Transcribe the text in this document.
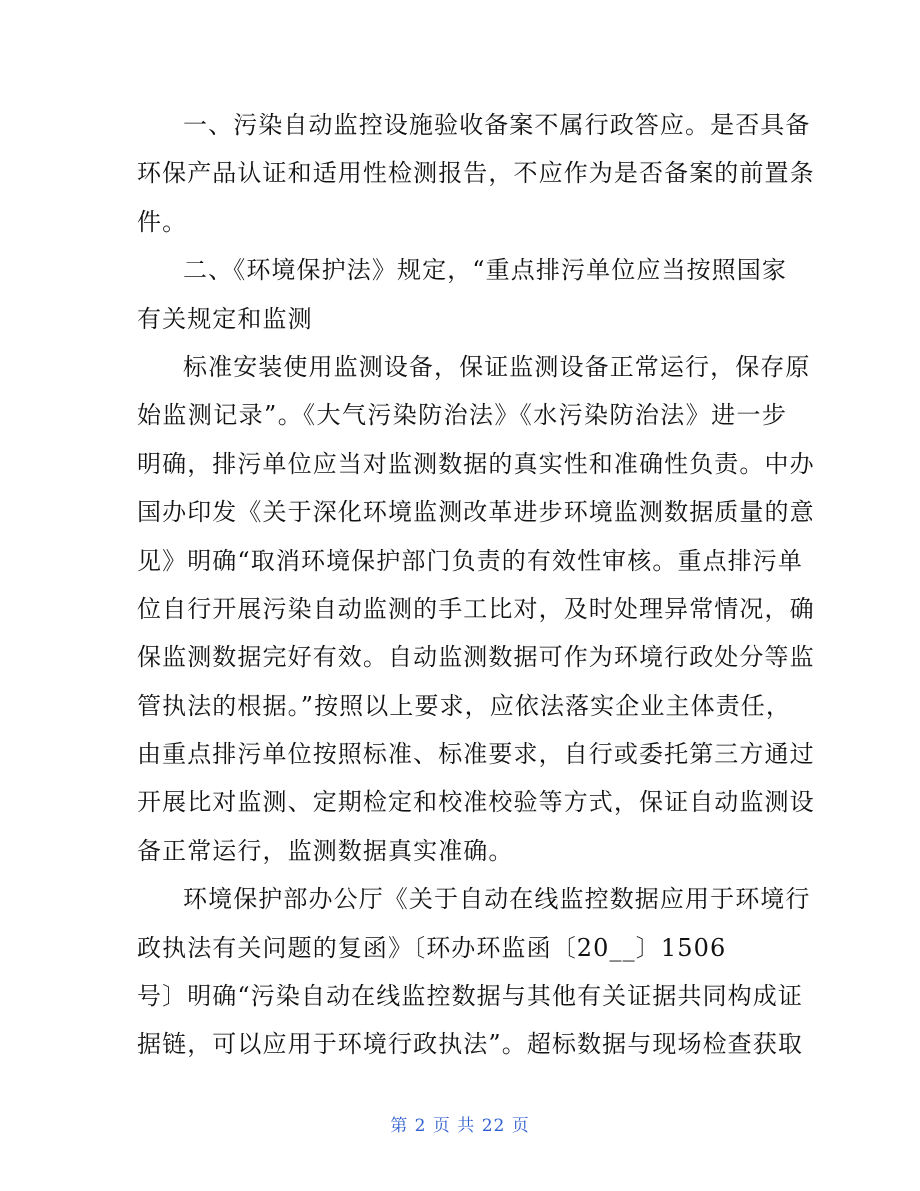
一、污染自动监控设施验收备案不属行政答应。是否具备
环保产品认证和适用性检测报告，不应作为是否备案的前置条
件。
二、《环境保护法》规定，“重点排污单位应当按照国家
有关规定和监测
标准安装使用监测设备，保证监测设备正常运行，保存原
始监测记录”。《大气污染防治法》《水污染防治法》进一步
明确，排污单位应当对监测数据的真实性和准确性负责。中办
国办印发《关于深化环境监测改革进步环境监测数据质量的意
见》明确“取消环境保护部门负责的有效性审核。重点排污单
位自行开展污染自动监测的手工比对，及时处理异常情况，确
保监测数据完好有效。自动监测数据可作为环境行政处分等监
管执法的根据。”按照以上要求，应依法落实企业主体责任，
由重点排污单位按照标准、标准要求，自行或委托第三方通过
开展比对监测、定期检定和校准校验等方式，保证自动监测设
备正常运行，监测数据真实准确。
环境保护部办公厅《关于自动在线监控数据应用于环境行
政执法有关问题的复函》〔环办环监函〔20__〕1506
号〕明确“污染自动在线监控数据与其他有关证据共同构成证
据链，可以应用于环境行政执法”。超标数据与现场检查获取
第 2 页 共 22 页
